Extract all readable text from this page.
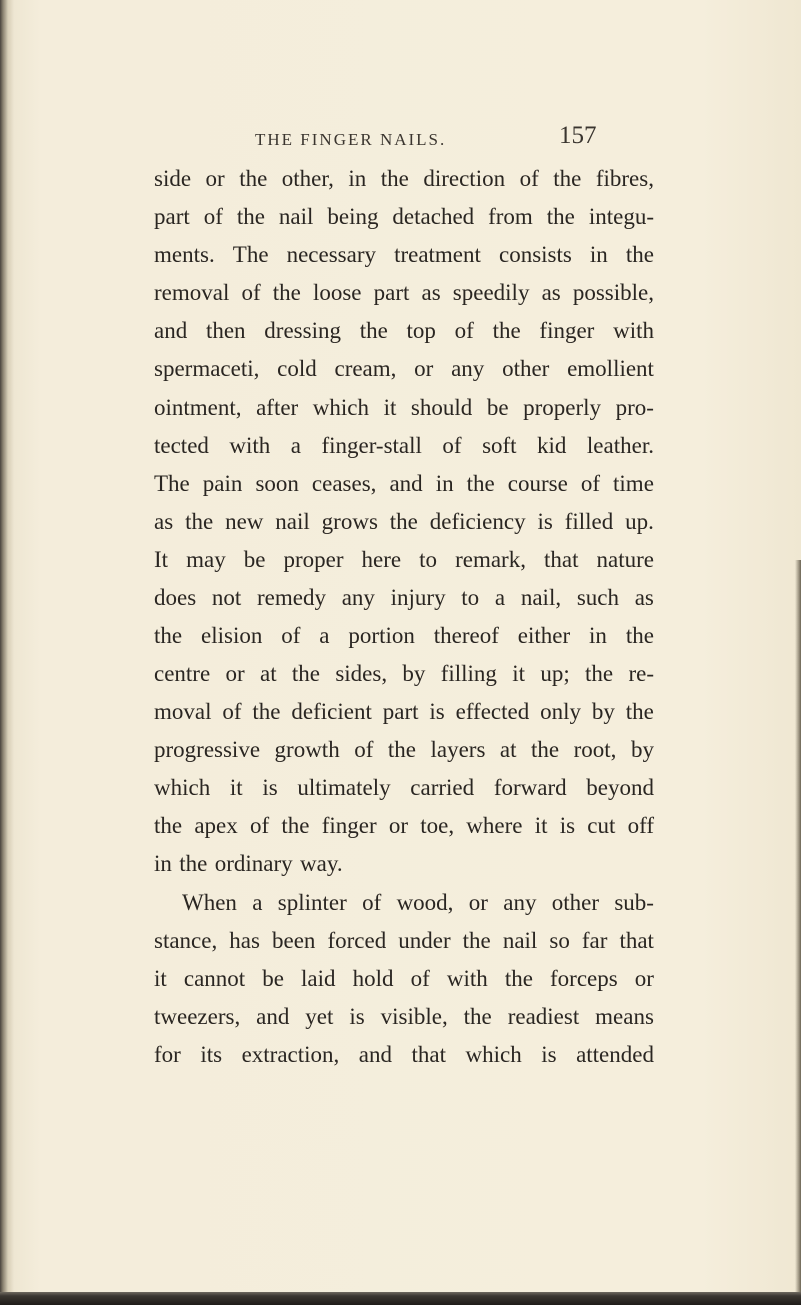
THE FINGER NAILS.	157
side or the other, in the direction of the fibres,
part of the nail being detached from the integu-
ments. The necessary treatment consists in the
removal of the loose part as speedily as possible,
and then dressing the top of the finger with
spermaceti, cold cream, or any other emollient
ointment, after which it should be properly pro-
tected with a finger-stall of soft kid leather.
The pain soon ceases, and in the course of time
as the new nail grows the deficiency is filled up.
It may be proper here to remark, that nature
does not remedy any injury to a nail, such as
the elision of a portion thereof either in the
centre or at the sides, by filling it up; the re-
moval of the deficient part is effected only by the
progressive growth of the layers at the root, by
which it is ultimately carried forward beyond
the apex of the finger or toe, where it is cut off
in the ordinary way.
When a splinter of wood, or any other sub-
stance, has been forced under the nail so far that
it cannot be laid hold of with the forceps or
tweezers, and yet is visible, the readiest means
for its extraction, and that which is attended
